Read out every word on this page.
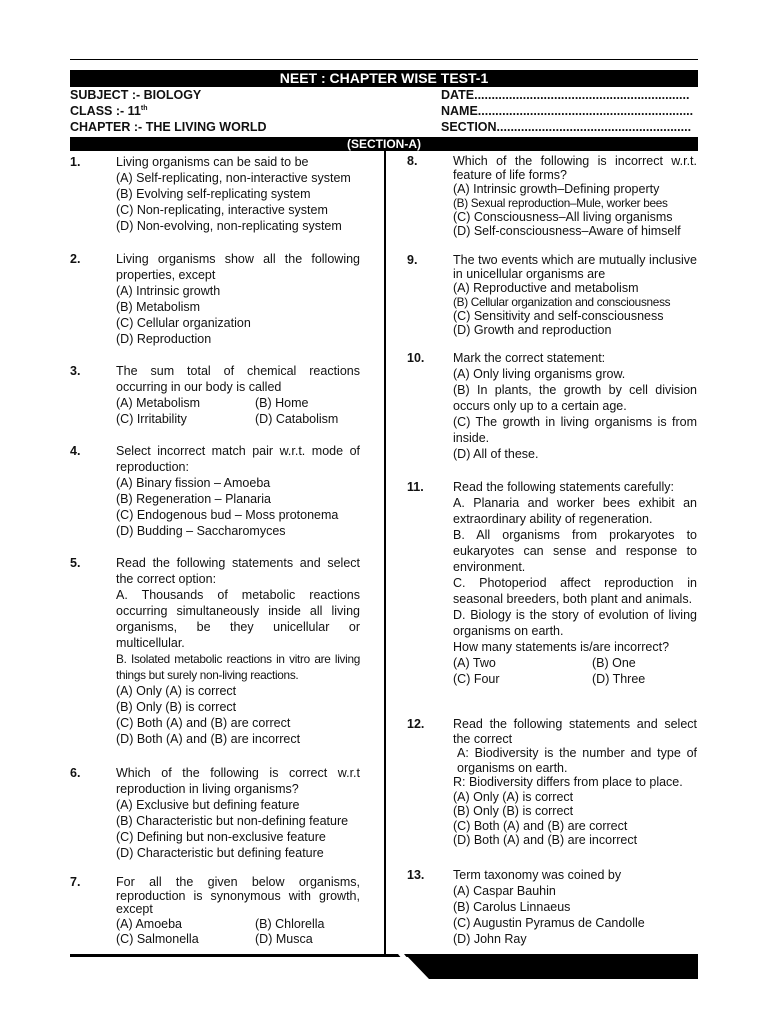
NEET : CHAPTER WISE TEST-1
SUBJECT :- BIOLOGY
CLASS :- 11th
CHAPTER :- THE LIVING WORLD
DATE..............................................................
NAME..............................................................
SECTION........................................................
(SECTION-A)
1.	Living organisms can be said to be
(A) Self-replicating, non-interactive system
(B) Evolving self-replicating system
(C) Non-replicating, interactive system
(D) Non-evolving, non-replicating system
2.	Living organisms show all the following properties, except
(A) Intrinsic growth
(B) Metabolism
(C) Cellular organization
(D) Reproduction
3.	The sum total of chemical reactions occurring in our body is called
(A) Metabolism	(B) Home
(C) Irritability	(D) Catabolism
4.	Select incorrect match pair w.r.t. mode of reproduction:
(A) Binary fission – Amoeba
(B) Regeneration – Planaria
(C) Endogenous bud – Moss protonema
(D) Budding – Saccharomyces
5.	Read the following statements and select the correct option:
A. Thousands of metabolic reactions occurring simultaneously inside all living organisms, be they unicellular or multicellular.
B. Isolated metabolic reactions in vitro are living things but surely non-living reactions.
(A) Only (A) is correct
(B) Only (B) is correct
(C) Both (A) and (B) are correct
(D) Both (A) and (B) are incorrect
6.	Which of the following is correct w.r.t reproduction in living organisms?
(A) Exclusive but defining feature
(B) Characteristic but non-defining feature
(C) Defining but non-exclusive feature
(D) Characteristic but defining feature
7.	For all the given below organisms, reproduction is synonymous with growth, except
(A) Amoeba	(B) Chlorella
(C) Salmonella	(D) Musca
8.	Which of the following is incorrect w.r.t. feature of life forms?
(A) Intrinsic growth–Defining property
(B) Sexual reproduction–Mule, worker bees
(C) Consciousness–All living organisms
(D) Self-consciousness–Aware of himself
9.	The two events which are mutually inclusive in unicellular organisms are
(A) Reproductive and metabolism
(B) Cellular organization and consciousness
(C) Sensitivity and self-consciousness
(D) Growth and reproduction
10. Mark the correct statement:
(A) Only living organisms grow.
(B) In plants, the growth by cell division occurs only up to a certain age.
(C) The growth in living organisms is from inside.
(D) All of these.
11. Read the following statements carefully:
A. Planaria and worker bees exhibit an extraordinary ability of regeneration.
B. All organisms from prokaryotes to eukaryotes can sense and response to environment.
C. Photoperiod affect reproduction in seasonal breeders, both plant and animals.
D. Biology is the story of evolution of living organisms on earth.
How many statements is/are incorrect?
(A) Two	(B) One
(C) Four	(D) Three
12. Read the following statements and select the correct
A: Biodiversity is the number and type of organisms on earth.
R: Biodiversity differs from place to place.
(A) Only (A) is correct
(B) Only (B) is correct
(C) Both (A) and (B) are correct
(D) Both (A) and (B) are incorrect
13. Term taxonomy was coined by
(A) Caspar Bauhin
(B) Carolus Linnaeus
(C) Augustin Pyramus de Candolle
(D) John Ray
